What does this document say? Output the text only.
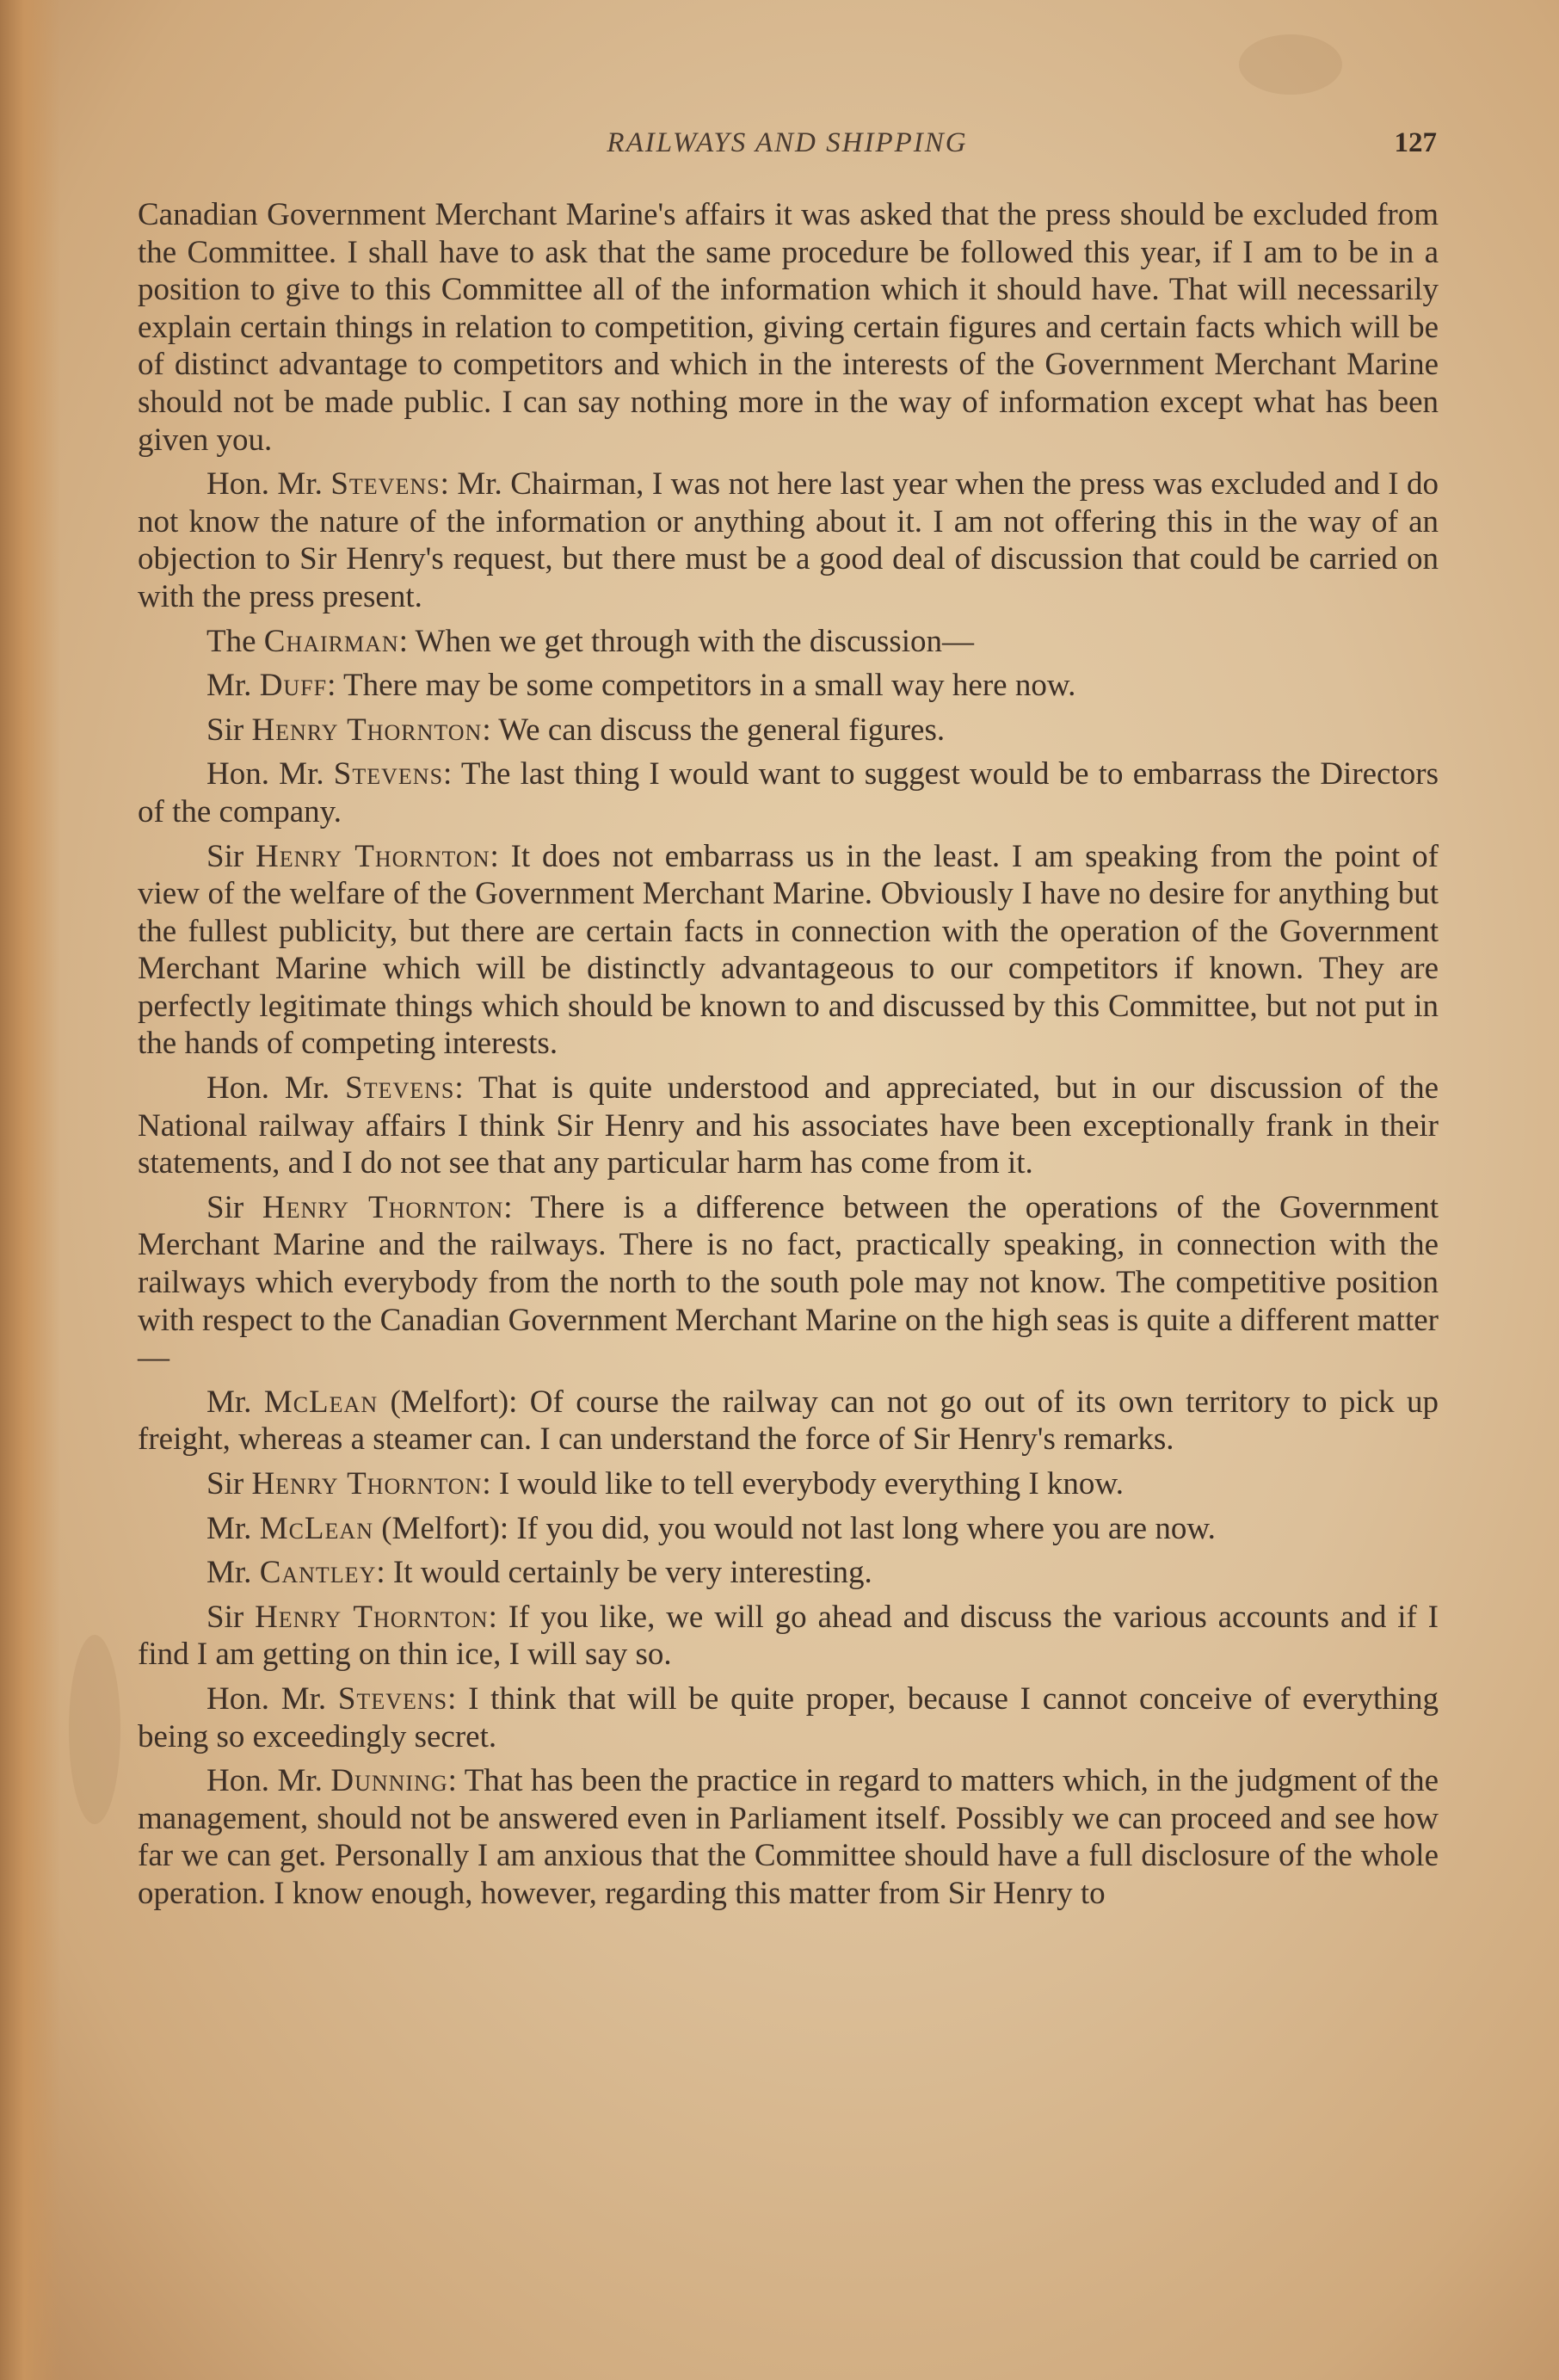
RAILWAYS AND SHIPPING	127

Canadian Government Merchant Marine's affairs it was asked that the press should be excluded from the Committee. I shall have to ask that the same procedure be followed this year, if I am to be in a position to give to this Committee all of the information which it should have. That will necessarily explain certain things in relation to competition, giving certain figures and certain facts which will be of distinct advantage to competitors and which in the interests of the Government Merchant Marine should not be made public. I can say nothing more in the way of information except what has been given you.

Hon. Mr. Stevens: Mr. Chairman, I was not here last year when the press was excluded and I do not know the nature of the information or anything about it. I am not offering this in the way of an objection to Sir Henry's request, but there must be a good deal of discussion that could be carried on with the press present.

The Chairman: When we get through with the discussion—

Mr. Duff: There may be some competitors in a small way here now.

Sir Henry Thornton: We can discuss the general figures.

Hon. Mr. Stevens: The last thing I would want to suggest would be to embarrass the Directors of the company.

Sir Henry Thornton: It does not embarrass us in the least. I am speaking from the point of view of the welfare of the Government Merchant Marine. Obviously I have no desire for anything but the fullest publicity, but there are certain facts in connection with the operation of the Government Merchant Marine which will be distinctly advantageous to our competitors if known. They are perfectly legitimate things which should be known to and discussed by this Committee, but not put in the hands of competing interests.

Hon. Mr. Stevens: That is quite understood and appreciated, but in our discussion of the National railway affairs I think Sir Henry and his associates have been exceptionally frank in their statements, and I do not see that any particular harm has come from it.

Sir Henry Thornton: There is a difference between the operations of the Government Merchant Marine and the railways. There is no fact, practically speaking, in connection with the railways which everybody from the north to the south pole may not know. The competitive position with respect to the Canadian Government Merchant Marine on the high seas is quite a different matter—

Mr. McLean (Melfort): Of course the railway can not go out of its own territory to pick up freight, whereas a steamer can. I can understand the force of Sir Henry's remarks.

Sir Henry Thornton: I would like to tell everybody everything I know.

Mr. McLean (Melfort): If you did, you would not last long where you are now.

Mr. Cantley: It would certainly be very interesting.

Sir Henry Thornton: If you like, we will go ahead and discuss the various accounts and if I find I am getting on thin ice, I will say so.

Hon. Mr. Stevens: I think that will be quite proper, because I cannot conceive of everything being so exceedingly secret.

Hon. Mr. Dunning: That has been the practice in regard to matters which, in the judgment of the management, should not be answered even in Parliament itself. Possibly we can proceed and see how far we can get. Personally I am anxious that the Committee should have a full disclosure of the whole operation. I know enough, however, regarding this matter from Sir Henry to
